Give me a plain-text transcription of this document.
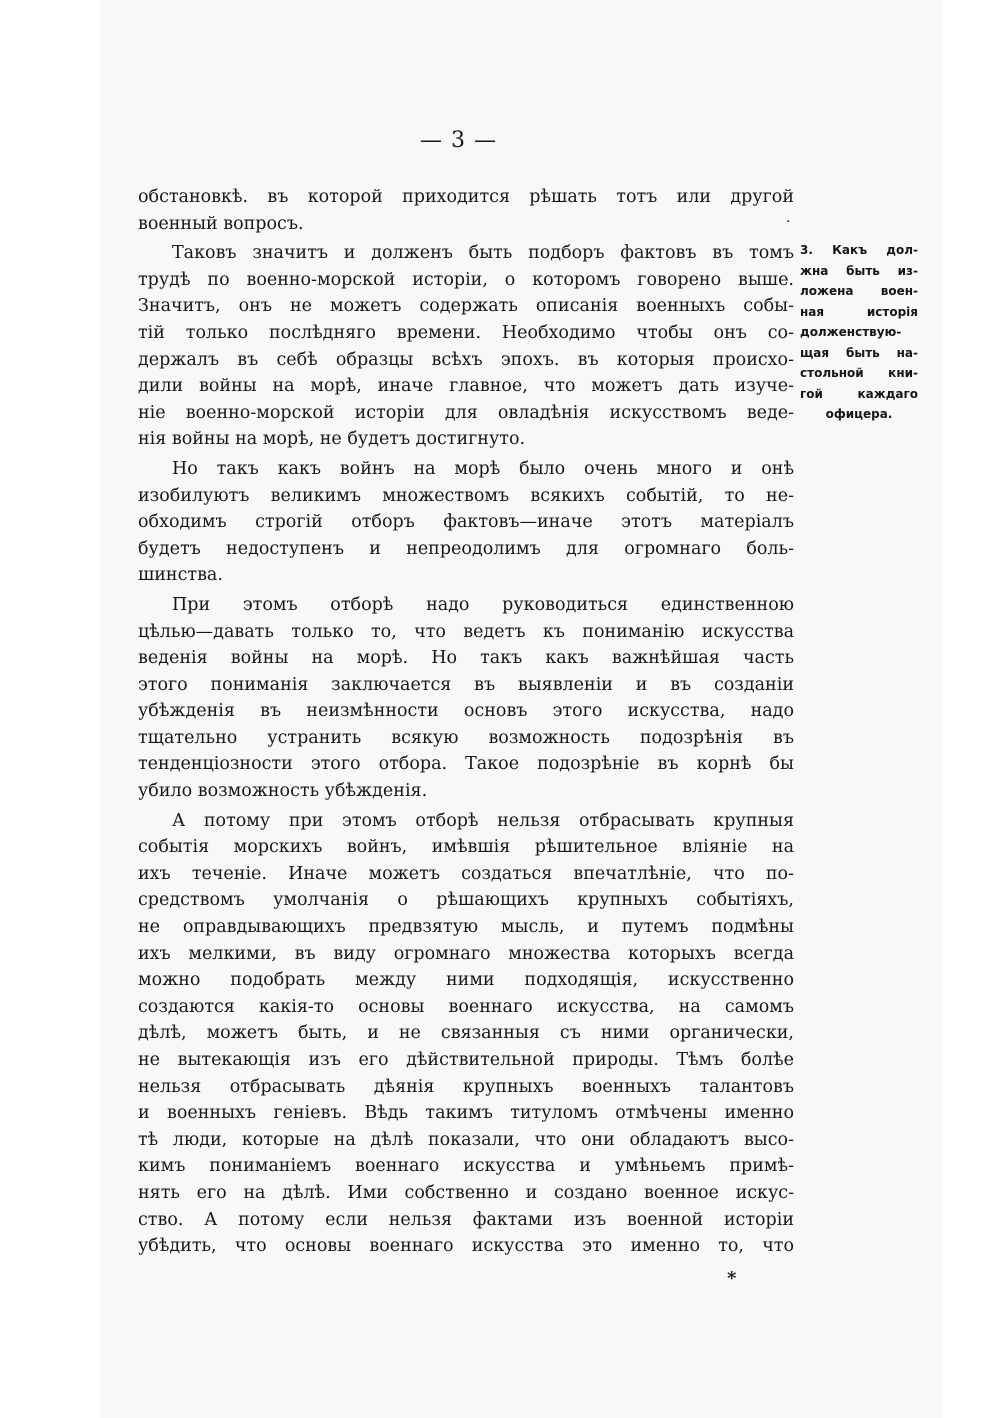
— 3 —
.
обстановкѣ. въ которой приходится рѣшать тотъ или другой
военный вопросъ.
Таковъ значитъ и долженъ быть подборъ фактовъ въ томъ
трудѣ по военно-морской исторіи, о которомъ говорено выше.
Значитъ, онъ не можетъ содержать описанія военныхъ собы-
тій только послѣдняго времени. Необходимо чтобы онъ со-
держалъ въ себѣ образцы всѣхъ эпохъ. въ которыя происхо-
дили войны на морѣ, иначе главное, что можетъ дать изуче-
ніе военно-морской исторіи для овладѣнія искусствомъ веде-
нія войны на морѣ, не будетъ достигнуто.
Но такъ какъ войнъ на морѣ было очень много и онѣ
изобилуютъ великимъ множествомъ всякихъ событій, то не-
обходимъ строгій отборъ фактовъ—иначе этотъ матеріалъ
будетъ недоступенъ и непреодолимъ для огромнаго боль-
шинства.
При этомъ отборѣ надо руководиться единственною
цѣлью—давать только то, что ведетъ къ пониманію искусства
веденія войны на морѣ. Но такъ какъ важнѣйшая часть
этого пониманія заключается въ выявленіи и въ созданіи
убѣжденія въ неизмѣнности основъ этого искусства, надо
тщательно устранить всякую возможность подозрѣнія въ
тенденціозности этого отбора. Такое подозрѣніе въ корнѣ бы
убило возможность убѣжденія.
А потому при этомъ отборѣ нельзя отбрасывать крупныя
событія морскихъ войнъ, имѣвшія рѣшительное вліяніе на
ихъ теченіе. Иначе можетъ создаться впечатлѣніе, что по-
средствомъ умолчанія о рѣшающихъ крупныхъ событіяхъ,
не оправдывающихъ предвзятую мысль, и путемъ подмѣны
ихъ мелкими, въ виду огромнаго множества которыхъ всегда
можно подобрать между ними подходящія, искусственно
создаются какія-то основы военнаго искусства, на самомъ
дѣлѣ, можетъ быть, и не связанныя съ ними органически,
не вытекающія изъ его дѣйствительной природы. Тѣмъ болѣе
нельзя отбрасывать дѣянія крупныхъ военныхъ талантовъ
и военныхъ геніевъ. Вѣдь такимъ титуломъ отмѣчены именно
тѣ люди, которые на дѣлѣ показали, что они обладаютъ высо-
кимъ пониманіемъ военнаго искусства и умѣньемъ примѣ-
нять его на дѣлѣ. Ими собственно и создано военное искус-
ство. А потому если нельзя фактами изъ военной исторіи
убѣдить, что основы военнаго искусства это именно то, что
3. Какъ дол-
жна быть из-
ложена воен-
ная исторія
долженствую-
щая быть на-
стольной кни-
гой каждаго
офицера.
*
